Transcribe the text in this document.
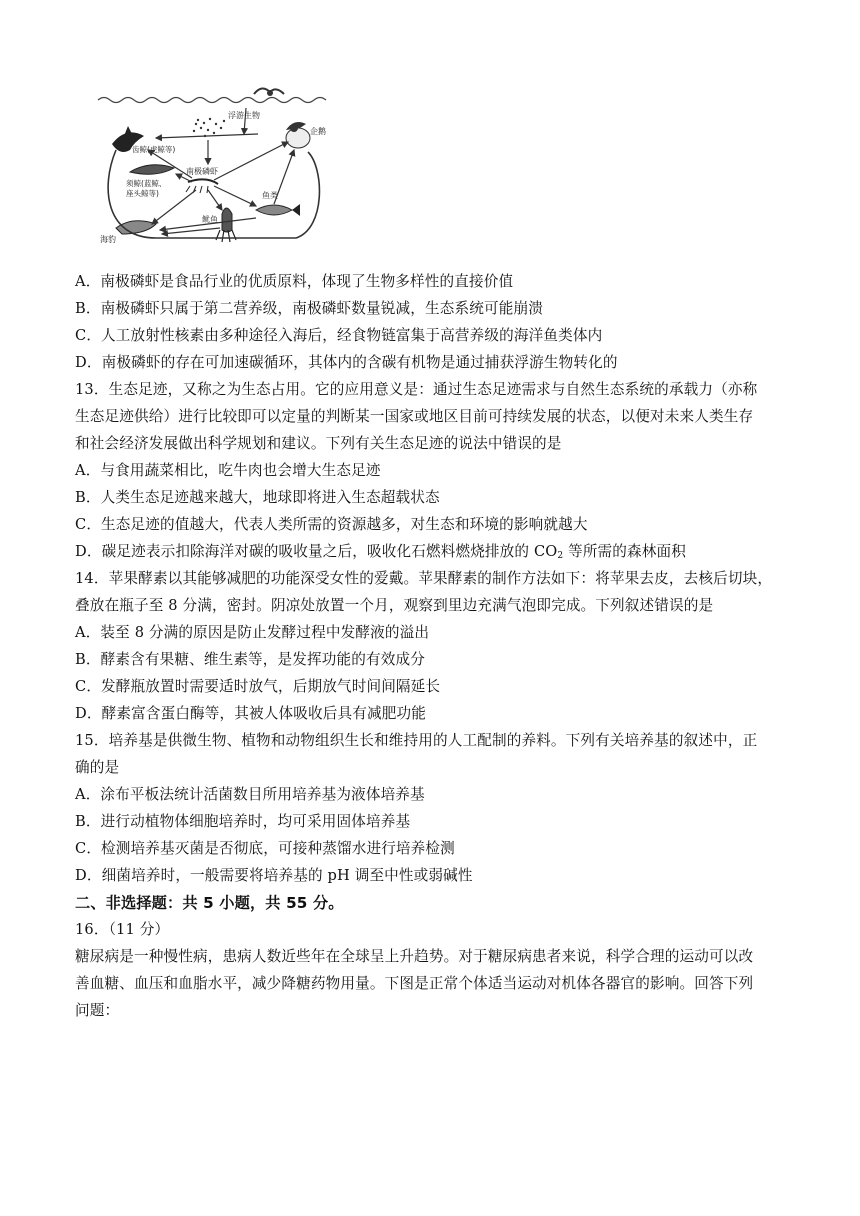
浮游生物
企鹅
齿鲸(虎鲸等)
南极磷虾
须鲸(蓝鲸、
座头鲸等)	鱼类
鱿鱼
海豹
A．南极磷虾是食品行业的优质原料，体现了生物多样性的直接价值
B．南极磷虾只属于第二营养级，南极磷虾数量锐减，生态系统可能崩溃
C．人工放射性核素由多种途径入海后，经食物链富集于高营养级的海洋鱼类体内
D．南极磷虾的存在可加速碳循环，其体内的含碳有机物是通过捕获浮游生物转化的
13．生态足迹，又称之为生态占用。它的应用意义是：通过生态足迹需求与自然生态系统的承载力（亦称
生态足迹供给）进行比较即可以定量的判断某一国家或地区目前可持续发展的状态，以便对未来人类生存
和社会经济发展做出科学规划和建议。下列有关生态足迹的说法中错误的是
A．与食用蔬菜相比，吃牛肉也会增大生态足迹
B．人类生态足迹越来越大，地球即将进入生态超载状态
C．生态足迹的值越大，代表人类所需的资源越多，对生态和环境的影响就越大
D．碳足迹表示扣除海洋对碳的吸收量之后，吸收化石燃料燃烧排放的 $CO_2$ 等所需的森林面积
14．苹果酵素以其能够减肥的功能深受女性的爱戴。苹果酵素的制作方法如下：将苹果去皮，去核后切块，
叠放在瓶子至 8 分满，密封。阴凉处放置一个月，观察到里边充满气泡即完成。下列叙述错误的是
A．装至 8 分满的原因是防止发酵过程中发酵液的溢出
B．酵素含有果糖、维生素等，是发挥功能的有效成分
C．发酵瓶放置时需要适时放气，后期放气时间间隔延长
D．酵素富含蛋白酶等，其被人体吸收后具有减肥功能
15．培养基是供微生物、植物和动物组织生长和维持用的人工配制的养料。下列有关培养基的叙述中，正
确的是
A．涂布平板法统计活菌数目所用培养基为液体培养基
B．进行动植物体细胞培养时，均可采用固体培养基
C．检测培养基灭菌是否彻底，可接种蒸馏水进行培养检测
D．细菌培养时，一般需要将培养基的 pH 调至中性或弱碱性
二、非选择题：共 5 小题，共 55 分。
16．（11 分）
糖尿病是一种慢性病，患病人数近些年在全球呈上升趋势。对于糖尿病患者来说，科学合理的运动可以改
善血糖、血压和血脂水平，减少降糖药物用量。下图是正常个体适当运动对机体各器官的影响。回答下列
问题：
